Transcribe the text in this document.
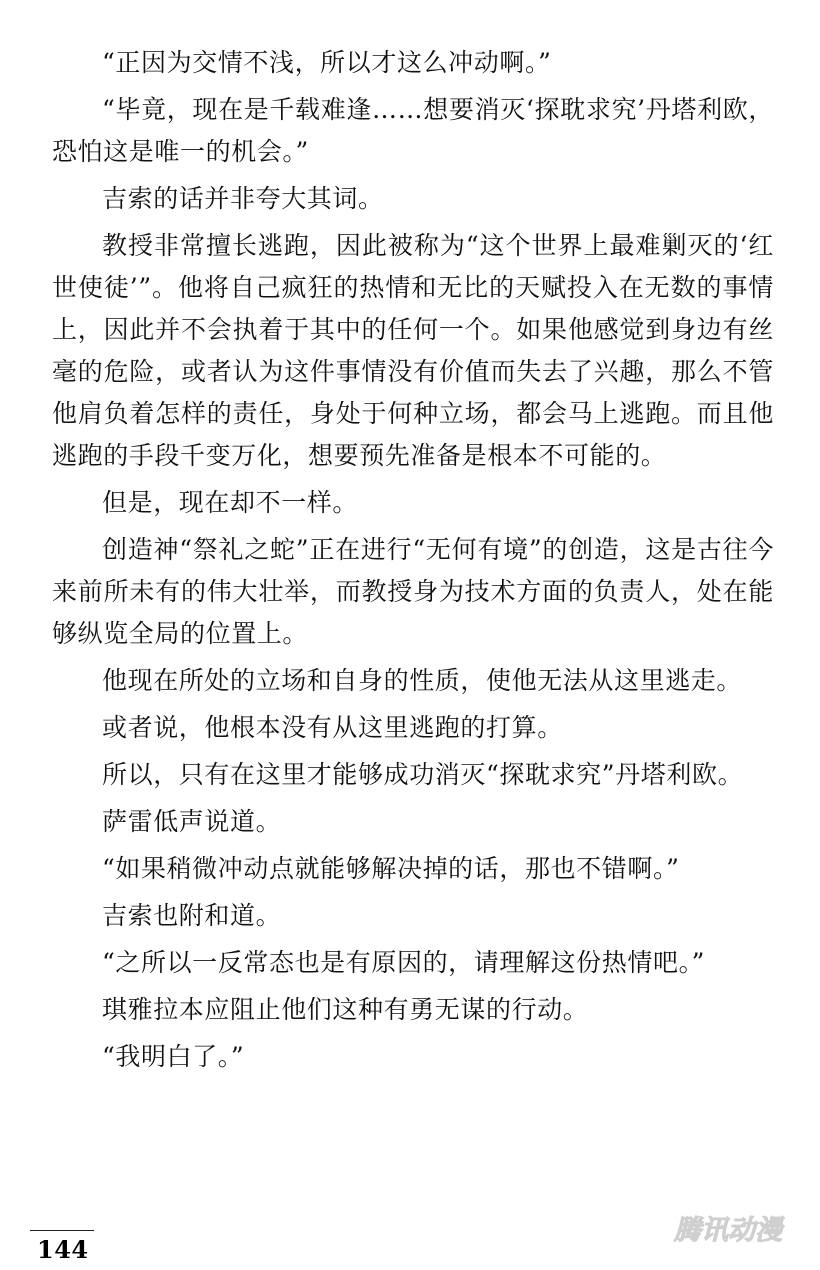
“正因为交情不浅，所以才这么冲动啊。”

“毕竟，现在是千载难逢……想要消灭‘探耽求究’丹塔利欧，恐怕这是唯一的机会。”

吉索的话并非夸大其词。

教授非常擅长逃跑，因此被称为“这个世界上最难剿灭的‘红世使徒’”。他将自己疯狂的热情和无比的天赋投入在无数的事情上，因此并不会执着于其中的任何一个。如果他感觉到身边有丝毫的危险，或者认为这件事情没有价值而失去了兴趣，那么不管他肩负着怎样的责任，身处于何种立场，都会马上逃跑。而且他逃跑的手段千变万化，想要预先准备是根本不可能的。

但是，现在却不一样。

创造神“祭礼之蛇”正在进行“无何有境”的创造，这是古往今来前所未有的伟大壮举，而教授身为技术方面的负责人，处在能够纵览全局的位置上。

他现在所处的立场和自身的性质，使他无法从这里逃走。

或者说，他根本没有从这里逃跑的打算。

所以，只有在这里才能够成功消灭“探耽求究”丹塔利欧。

萨雷低声说道。

“如果稍微冲动点就能够解决掉的话，那也不错啊。”

吉索也附和道。

“之所以一反常态也是有原因的，请理解这份热情吧。”

琪雅拉本应阻止他们这种有勇无谋的行动。

“我明白了。”

144
腾讯动漫
